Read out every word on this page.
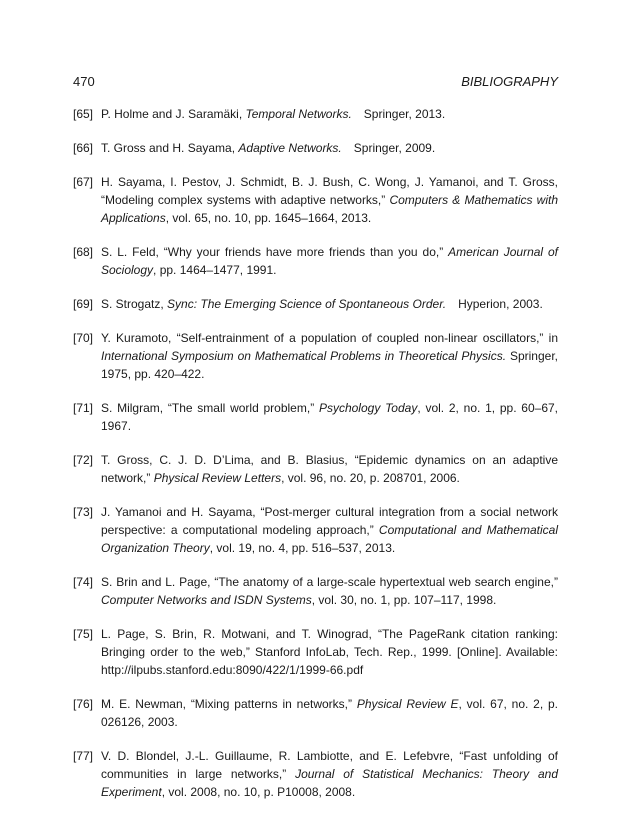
470	BIBLIOGRAPHY
[65] P. Holme and J. Saramäki, Temporal Networks. Springer, 2013.
[66] T. Gross and H. Sayama, Adaptive Networks. Springer, 2009.
[67] H. Sayama, I. Pestov, J. Schmidt, B. J. Bush, C. Wong, J. Yamanoi, and T. Gross, “Modeling complex systems with adaptive networks,” Computers & Mathematics with Applications, vol. 65, no. 10, pp. 1645–1664, 2013.
[68] S. L. Feld, “Why your friends have more friends than you do,” American Journal of Sociology, pp. 1464–1477, 1991.
[69] S. Strogatz, Sync: The Emerging Science of Spontaneous Order. Hyperion, 2003.
[70] Y. Kuramoto, “Self-entrainment of a population of coupled non-linear oscillators,” in International Symposium on Mathematical Problems in Theoretical Physics. Springer, 1975, pp. 420–422.
[71] S. Milgram, “The small world problem,” Psychology Today, vol. 2, no. 1, pp. 60–67, 1967.
[72] T. Gross, C. J. D. D’Lima, and B. Blasius, “Epidemic dynamics on an adaptive network,” Physical Review Letters, vol. 96, no. 20, p. 208701, 2006.
[73] J. Yamanoi and H. Sayama, “Post-merger cultural integration from a social network perspective: a computational modeling approach,” Computational and Mathematical Organization Theory, vol. 19, no. 4, pp. 516–537, 2013.
[74] S. Brin and L. Page, “The anatomy of a large-scale hypertextual web search engine,” Computer Networks and ISDN Systems, vol. 30, no. 1, pp. 107–117, 1998.
[75] L. Page, S. Brin, R. Motwani, and T. Winograd, “The PageRank citation ranking: Bringing order to the web,” Stanford InfoLab, Tech. Rep., 1999. [Online]. Available: http://ilpubs.stanford.edu:8090/422/1/1999-66.pdf
[76] M. E. Newman, “Mixing patterns in networks,” Physical Review E, vol. 67, no. 2, p. 026126, 2003.
[77] V. D. Blondel, J.-L. Guillaume, R. Lambiotte, and E. Lefebvre, “Fast unfolding of communities in large networks,” Journal of Statistical Mechanics: Theory and Experiment, vol. 2008, no. 10, p. P10008, 2008.
